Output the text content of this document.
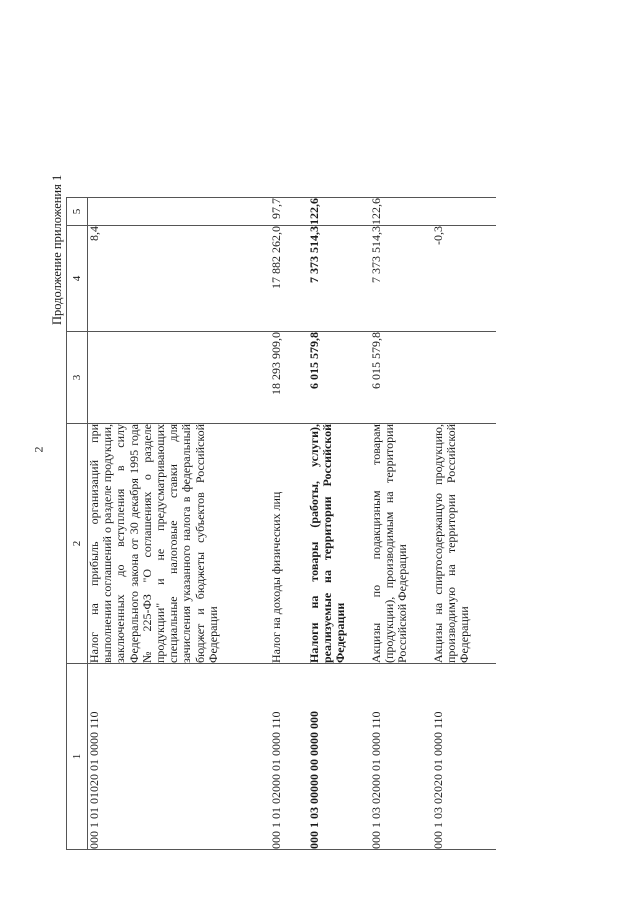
2
Продолжение приложения 1
1	2	3	4	5
000 1 01 01020 01 0000 110	Налог на прибыль организаций при выполнении соглашений о разделе продукции, заключенных до вступления в силу Федерального закона от 30 декабря 1995 года № 225-ФЗ "О соглашениях о разделе продукции" и не предусматривающих специальные налоговые ставки для зачисления указанного налога в федеральный бюджет и бюджеты субъектов Российской Федерации		8,4	
000 1 01 02000 01 0000 110	Налог на доходы физических лиц	18 293 909,0	17 882 262,0	97,7
000 1 03 00000 00 0000 000	Налоги на товары (работы, услуги), реализуемые на территории Российской Федерации	6 015 579,8	7 373 514,3	122,6
000 1 03 02000 01 0000 110	Акцизы по подакцизным товарам (продукции), производимым на территории Российской Федерации	6 015 579,8	7 373 514,3	122,6
000 1 03 02020 01 0000 110	Акцизы на спиртосодержащую продукцию, производимую на территории Российской Федерации		-0,3	
